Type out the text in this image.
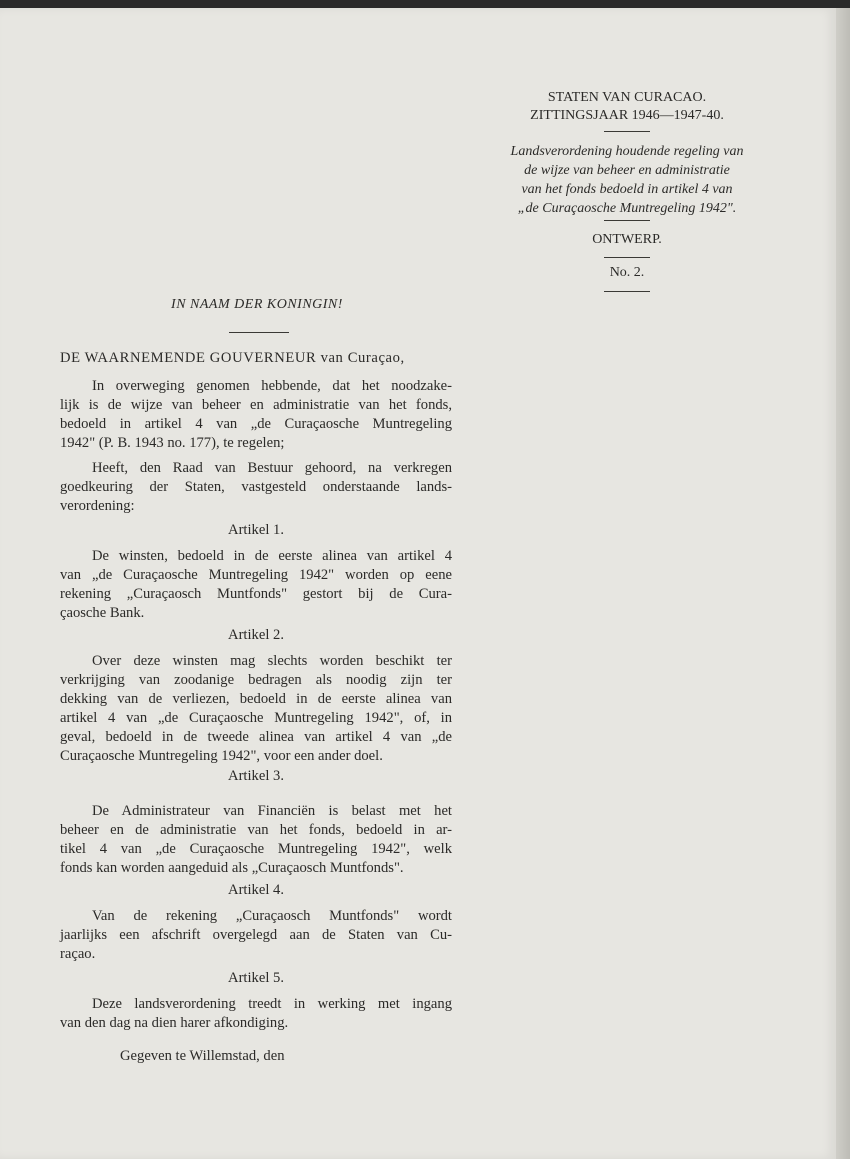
STATEN VAN CURACAO.
ZITTINGSJAAR 1946—1947-40.
Landsverordening houdende regeling van
de wijze van beheer en administratie
van het fonds bedoeld in artikel 4 van
„de Curaçaosche Muntregeling 1942".
ONTWERP.
No. 2.
IN NAAM DER KONINGIN!
DE WAARNEMENDE GOUVERNEUR van Curaçao,
In overweging genomen hebbende, dat het noodzake-
lijk is de wijze van beheer en administratie van het fonds,
bedoeld in artikel 4 van „de Curaçaosche Muntregeling
1942" (P. B. 1943 no. 177), te regelen;
Heeft, den Raad van Bestuur gehoord, na verkregen
goedkeuring der Staten, vastgesteld onderstaande lands-
verordening:
Artikel 1.
De winsten, bedoeld in de eerste alinea van artikel 4
van „de Curaçaosche Muntregeling 1942" worden op eene
rekening „Curaçaosch Muntfonds" gestort bij de Cura-
çaosche Bank.
Artikel 2.
Over deze winsten mag slechts worden beschikt ter
verkrijging van zoodanige bedragen als noodig zijn ter
dekking van de verliezen, bedoeld in de eerste alinea van
artikel 4 van „de Curaçaosche Muntregeling 1942", of, in
geval, bedoeld in de tweede alinea van artikel 4 van „de
Curaçaosche Muntregeling 1942", voor een ander doel.
Artikel 3.
De Administrateur van Financiën is belast met het
beheer en de administratie van het fonds, bedoeld in ar-
tikel 4 van „de Curaçaosche Muntregeling 1942", welk
fonds kan worden aangeduid als „Curaçaosch Muntfonds".
Artikel 4.
Van de rekening „Curaçaosch Muntfonds" wordt
jaarlijks een afschrift overgelegd aan de Staten van Cu-
raçao.
Artikel 5.
Deze landsverordening treedt in werking met ingang
van den dag na dien harer afkondiging.
Gegeven te Willemstad, den
